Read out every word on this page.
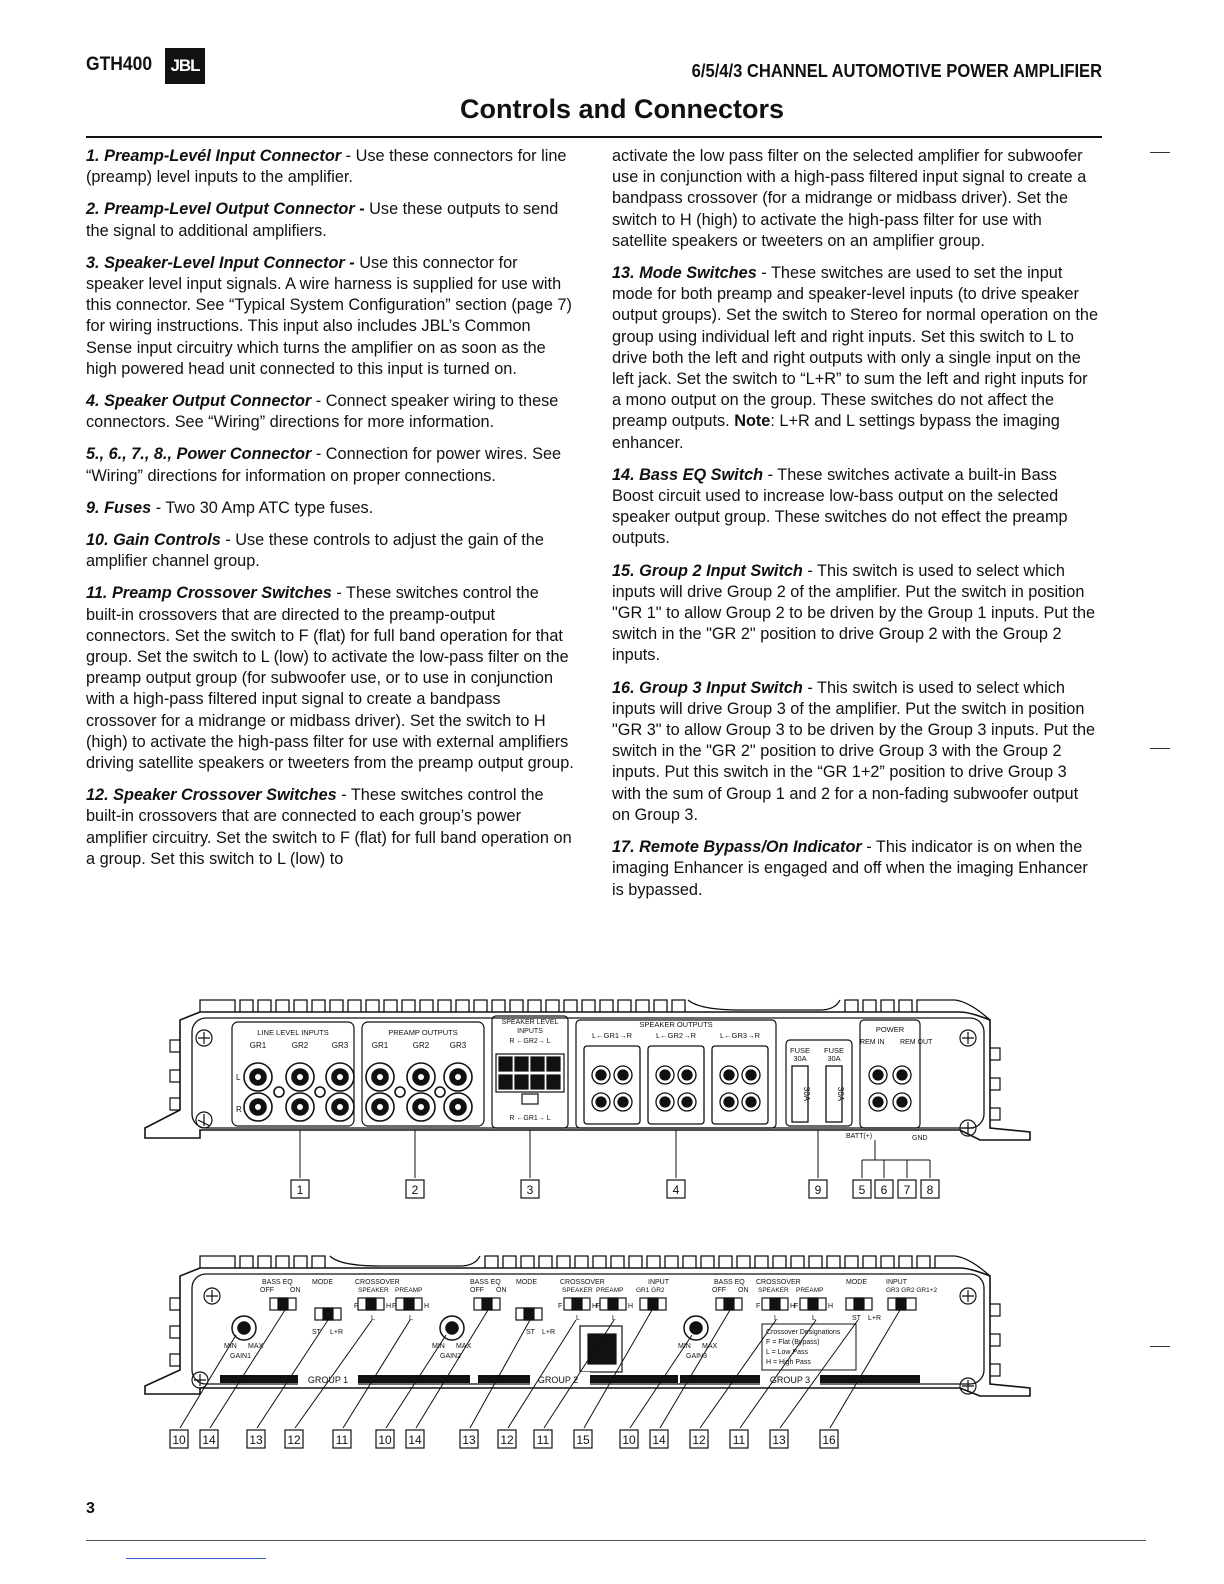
GTH400	JBL	6/5/4/3 CHANNEL AUTOMOTIVE POWER AMPLIFIER
Controls and Connectors

1. Preamp-Levél Input Connector - Use these connectors for line (preamp) level inputs to the amplifier.

2. Preamp-Level Output Connector - Use these outputs to send the signal to additional amplifiers.

3. Speaker-Level Input Connector - Use this connector for speaker level input signals. A wire harness is supplied for use with this connector. See “Typical System Configuration” section (page 7) for wiring instructions. This input also includes JBL’s Common Sense input circuitry which turns the amplifier on as soon as the high powered head unit connected to this input is turned on.

4. Speaker Output Connector - Connect speaker wiring to these connectors. See “Wiring” directions for more information.

5., 6., 7., 8., Power Connector - Connection for power wires. See “Wiring” directions for information on proper connections.

9. Fuses - Two 30 Amp ATC type fuses.

10. Gain Controls - Use these controls to adjust the gain of the amplifier channel group.

11. Preamp Crossover Switches - These switches control the built-in crossovers that are directed to the preamp-output connectors. Set the switch to F (flat) for full band operation for that group. Set the switch to L (low) to activate the low-pass filter on the preamp output group (for subwoofer use, or to use in conjunction with a high-pass filtered input signal to create a bandpass crossover for a midrange or midbass driver). Set the switch to H (high) to activate the high-pass filter for use with external amplifiers driving satellite speakers or tweeters from the preamp output group.

12. Speaker Crossover Switches - These switches control the built-in crossovers that are connected to each group’s power amplifier circuitry. Set the switch to F (flat) for full band operation on a group. Set this switch to L (low) to

activate the low pass filter on the selected amplifier for subwoofer use in conjunction with a high-pass filtered input signal to create a bandpass crossover (for a midrange or midbass driver). Set the switch to H (high) to activate the high-pass filter for use with satellite speakers or tweeters on an amplifier group.

13. Mode Switches - These switches are used to set the input mode for both preamp and speaker-level inputs (to drive speaker output groups). Set the switch to Stereo for normal operation on the group using individual left and right inputs. Set this switch to L to drive both the left and right outputs with only a single input on the left jack. Set the switch to “L+R” to sum the left and right inputs for a mono output on the group. These switches do not affect the preamp outputs. Note: L+R and L settings bypass the imaging enhancer.

14. Bass EQ Switch - These switches activate a built-in Bass Boost circuit used to increase low-bass output on the selected speaker output group. These switches do not effect the preamp outputs.

15. Group 2 Input Switch - This switch is used to select which inputs will drive Group 2 of the amplifier. Put the switch in position "GR 1" to allow Group 2 to be driven by the Group 1 inputs. Put the switch in the "GR 2" position to drive Group 2 with the Group 2 inputs.

16. Group 3 Input Switch - This switch is used to select which inputs will drive Group 3 of the amplifier. Put the switch in position "GR 3" to allow Group 3 to be driven by the Group 3 inputs. Put the switch in the "GR 2" position to drive Group 3 with the Group 2 inputs. Put this switch in the “GR 1+2” position to drive Group 3 with the sum of Group 1 and 2 for a non-fading subwoofer output on Group 3.

17. Remote Bypass/On Indicator - This indicator is on when the imaging Enhancer is engaged and off when the imaging Enhancer is bypassed.

LINE LEVEL INPUTS
GR1	GR2	GR3
L
R
PREAMP OUTPUTS
GR1	GR2	GR3
SPEAKER LEVEL
INPUTS
R ←GR2→ L
R ←GR1→ L
SPEAKER OUTPUTS
L←GR1→R	L←GR2→R	L←GR3→R
FUSE
30A
FUSE
30A
30A	30A
POWER
REM IN REM OUT
BATT(+)	GND
1	2	3	4	9	5 6 7 8
BASS EQ
OFF ON
MODE	CROSSOVER
SPEAKER PREAMP
F	H F	H
L	L
ST L+R
MIN MAX
GAIN1
GROUP 1
BASS EQ
OFF ON
MODE	CROSSOVER
SPEAKER PREAMP
INPUT
GR1 GR2
F	H
F	H
L	L
ST L+R
MIN MAX
GAIN2
GROUP 2
BASS EQ
OFF ON
CROSSOVER
SPEAKER PREAMP
MODE	INPUT
GR3 GR2 GR1+2
F	H
F	H
L	L	ST L+R
MIN MAX
GAIN3
Crossover Designations
F = Flat (Bypass)
L = Low Pass
H = High Pass
GROUP 3
10 14	13 12	11	10 14	13 12 11 15	10 14 12 11 13	16
3
